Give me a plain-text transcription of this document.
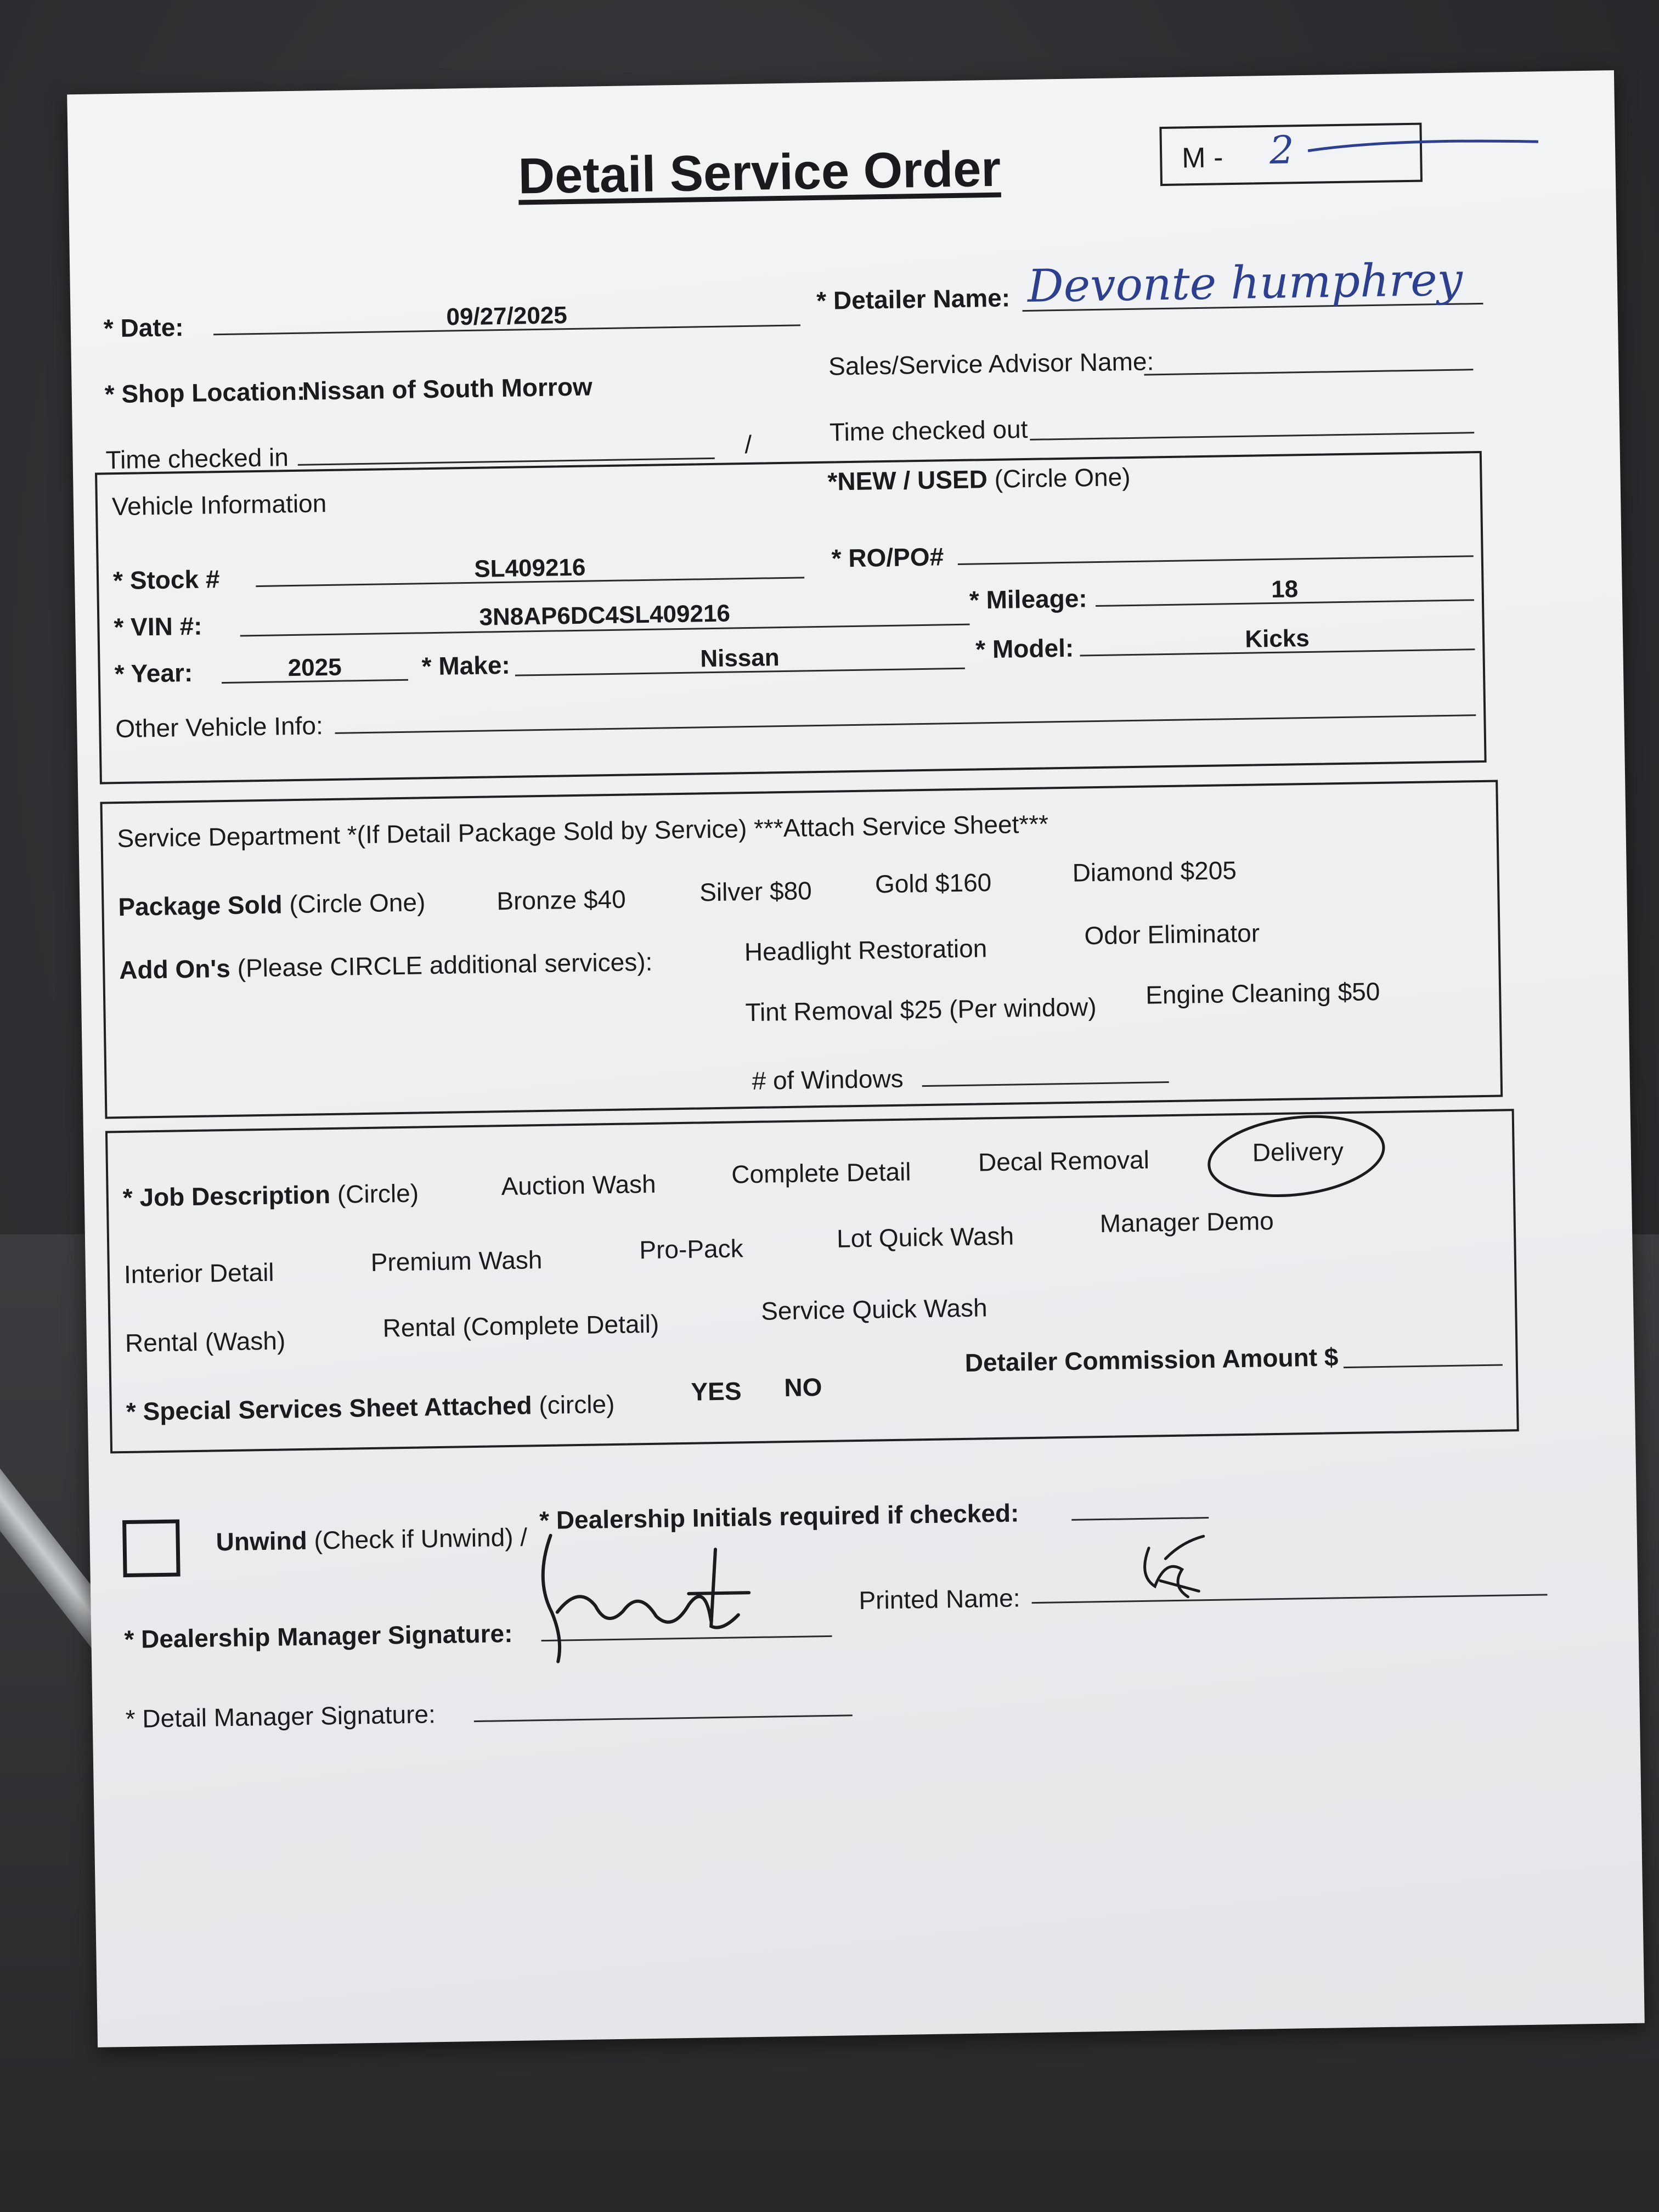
Detail Service Order	M - 2
* Date:	09/27/2025
* Detailer Name: Devonte humphrey
* Shop Location:
Nissan of South Morrow
Sales/Service Advisor Name:
Time checked in	/	Time checked out
Vehicle Information
*NEW / USED (Circle One)
* Stock #	SL409216	* RO/PO#
* VIN #:	3N8AP6DC4SL409216
* Mileage:	18
* Year:	2025	* Make:	Nissan	* Model:	Kicks
Other Vehicle Info:
Service Department *(If Detail Package Sold by Service) ***Attach Service Sheet***
Package Sold (Circle One)	Bronze $40	Silver $80 Gold $160	Diamond $205
Add On's (Please CIRCLE additional services):	Headlight Restoration	Odor Eliminator
Tint Removal $25 (Per window) Engine Cleaning $50
# of Windows
* Job Description (Circle)	Auction Wash	Complete Detail	Decal Removal	Delivery
Interior Detail	Premium Wash	Pro-Pack	Lot Quick Wash	Manager Demo
Rental (Wash)	Rental (Complete Detail)
Service Quick Wash
* Special Services Sheet Attached (circle)	YES NO
Detailer Commission Amount $
Unwind (Check if Unwind) /
* Dealership Initials required if checked:
* Dealership Manager Signature:
Printed Name:
* Detail Manager Signature:
